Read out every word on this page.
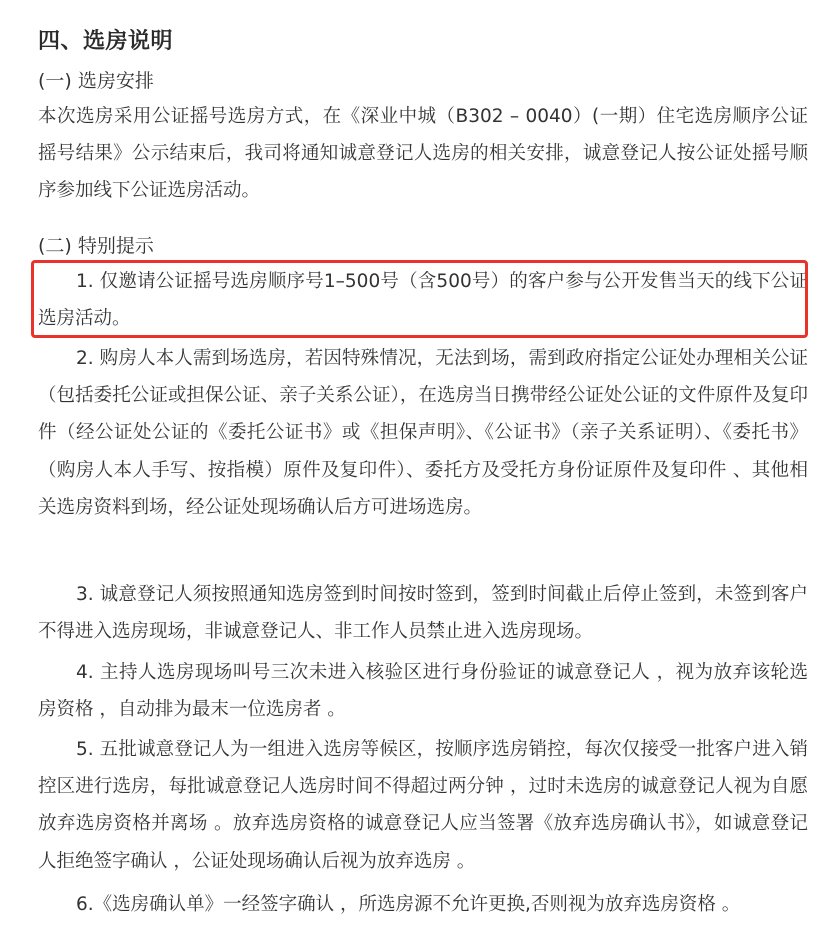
四、选房说明
(一) 选房安排
本次选房采用公证摇号选房方式，在《深业中城（B302 – 0040）(一期）住宅选房顺序公证摇号结果》公示结束后，我司将通知诚意登记人选房的相关安排，诚意登记人按公证处摇号顺序参加线下公证选房活动。
(二) 特别提示
1. 仅邀请公证摇号选房顺序号1–500号（含500号）的客户参与公开发售当天的线下公证选房活动。
2. 购房人本人需到场选房，若因特殊情况，无法到场，需到政府指定公证处办理相关公证（包括委托公证或担保公证、亲子关系公证），在选房当日携带经公证处公证的文件原件及复印件（经公证处公证的《委托公证书》或《担保声明》、《公证书》（亲子关系证明）、《委托书》（购房人本人手写、按指模）原件及复印件）、委托方及受托方身份证原件及复印件 、其他相关选房资料到场，经公证处现场确认后方可进场选房。
3. 诚意登记人须按照通知选房签到时间按时签到，签到时间截止后停止签到，未签到客户不得进入选房现场，非诚意登记人、非工作人员禁止进入选房现场。
4. 主持人选房现场叫号三次未进入核验区进行身份验证的诚意登记人 ，视为放弃该轮选房资格 ，自动排为最末一位选房者 。
5. 五批诚意登记人为一组进入选房等候区，按顺序选房销控，每次仅接受一批客户进入销控区进行选房，每批诚意登记人选房时间不得超过两分钟 ，过时未选房的诚意登记人视为自愿放弃选房资格并离场 。放弃选房资格的诚意登记人应当签署《放弃选房确认书》，如诚意登记人拒绝签字确认 ，公证处现场确认后视为放弃选房 。
6.《选房确认单》一经签字确认 ，所选房源不允许更换,否则视为放弃选房资格 。
